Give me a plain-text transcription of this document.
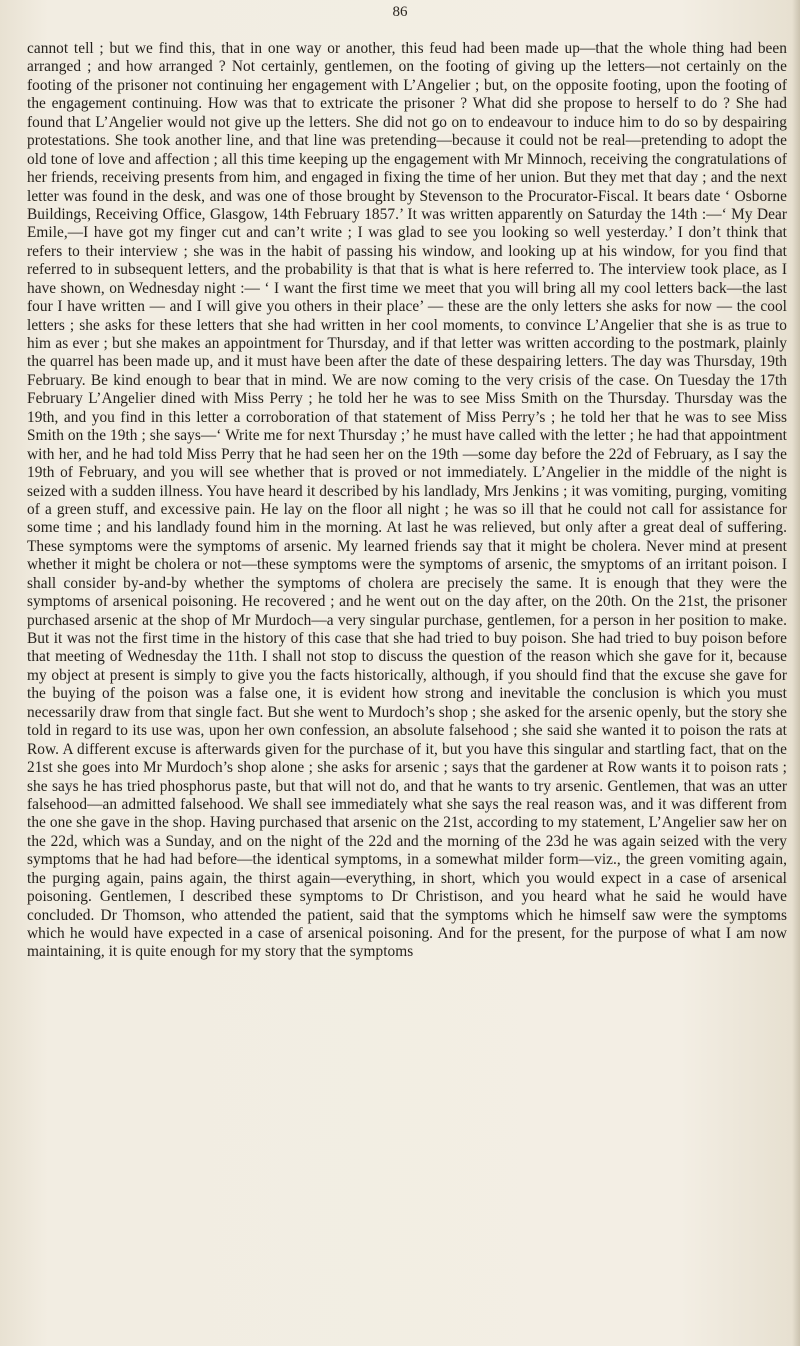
86

cannot tell ; but we find this, that in one way or another, this feud had been made up—that the whole thing had been arranged ; and how arranged ? Not certainly, gentlemen, on the footing of giving up the letters—not certainly on the footing of the prisoner not continuing her engagement with L’Angelier ; but, on the opposite footing, upon the footing of the engagement continuing. How was that to extricate the prisoner ? What did she propose to herself to do ? She had found that L’Angelier would not give up the letters. She did not go on to endeavour to induce him to do so by despairing protestations. She took another line, and that line was pretending—because it could not be real—pretending to adopt the old tone of love and affection ; all this time keeping up the engagement with Mr Minnoch, receiving the congratulations of her friends, receiving presents from him, and engaged in fixing the time of her union. But they met that day ; and the next letter was found in the desk, and was one of those brought by Stevenson to the Procurator-Fiscal. It bears date ‘ Osborne Buildings, Receiving Office, Glasgow, 14th February 1857.’ It was written apparently on Saturday the 14th :—‘ My Dear Emile,—I have got my finger cut and can’t write ; I was glad to see you looking so well yesterday.’ I don’t think that refers to their interview ; she was in the habit of passing his window, and looking up at his window, for you find that referred to in subsequent letters, and the probability is that that is what is here referred to. The interview took place, as I have shown, on Wednesday night :— ‘ I want the first time we meet that you will bring all my cool letters back—the last four I have written — and I will give you others in their place’ — these are the only letters she asks for now — the cool letters ; she asks for these letters that she had written in her cool moments, to convince L’Angelier that she is as true to him as ever ; but she makes an appointment for Thursday, and if that letter was written according to the postmark, plainly the quarrel has been made up, and it must have been after the date of these despairing letters. The day was Thursday, 19th February. Be kind enough to bear that in mind. We are now coming to the very crisis of the case. On Tuesday the 17th February L’Angelier dined with Miss Perry ; he told her he was to see Miss Smith on the Thursday. Thursday was the 19th, and you find in this letter a corroboration of that statement of Miss Perry’s ; he told her that he was to see Miss Smith on the 19th ; she says—‘ Write me for next Thursday ;’ he must have called with the letter ; he had that appointment with her, and he had told Miss Perry that he had seen her on the 19th —some day before the 22d of February, as I say the 19th of February, and you will see whether that is proved or not immediately. L’Angelier in the middle of the night is seized with a sudden illness. You have heard it described by his landlady, Mrs Jenkins ; it was vomiting, purging, vomiting of a green stuff, and excessive pain. He lay on the floor all night ; he was so ill that he could not call for assistance for some time ; and his landlady found him in the morning. At last he was relieved, but only after a great deal of suffering. These symptoms were the symptoms of arsenic. My learned friends say that it might be cholera. Never mind at present whether it might be cholera or not—these symptoms were the symptoms of arsenic, the smyptoms of an irritant poison. I shall consider by-and-by whether the symptoms of cholera are precisely the same. It is enough that they were the symptoms of arsenical poisoning. He recovered ; and he went out on the day after, on the 20th. On the 21st, the prisoner purchased arsenic at the shop of Mr Murdoch—a very singular purchase, gentlemen, for a person in her position to make. But it was not the first time in the history of this case that she had tried to buy poison. She had tried to buy poison before that meeting of Wednesday the 11th. I shall not stop to discuss the question of the reason which she gave for it, because my object at present is simply to give you the facts historically, although, if you should find that the excuse she gave for the buying of the poison was a false one, it is evident how strong and inevitable the conclusion is which you must necessarily draw from that single fact. But she went to Murdoch’s shop ; she asked for the arsenic openly, but the story she told in regard to its use was, upon her own confession, an absolute falsehood ; she said she wanted it to poison the rats at Row. A different excuse is afterwards given for the purchase of it, but you have this singular and startling fact, that on the 21st she goes into Mr Murdoch’s shop alone ; she asks for arsenic ; says that the gardener at Row wants it to poison rats ; she says he has tried phosphorus paste, but that will not do, and that he wants to try arsenic. Gentlemen, that was an utter falsehood—an admitted falsehood. We shall see immediately what she says the real reason was, and it was different from the one she gave in the shop. Having purchased that arsenic on the 21st, according to my statement, L’Angelier saw her on the 22d, which was a Sunday, and on the night of the 22d and the morning of the 23d he was again seized with the very symptoms that he had had before—the identical symptoms, in a somewhat milder form—viz., the green vomiting again, the purging again, pains again, the thirst again—everything, in short, which you would expect in a case of arsenical poisoning. Gentlemen, I described these symptoms to Dr Christison, and you heard what he said he would have concluded. Dr Thomson, who attended the patient, said that the symptoms which he himself saw were the symptoms which he would have expected in a case of arsenical poisoning. And for the present, for the purpose of what I am now maintaining, it is quite enough for my story that the symptoms
